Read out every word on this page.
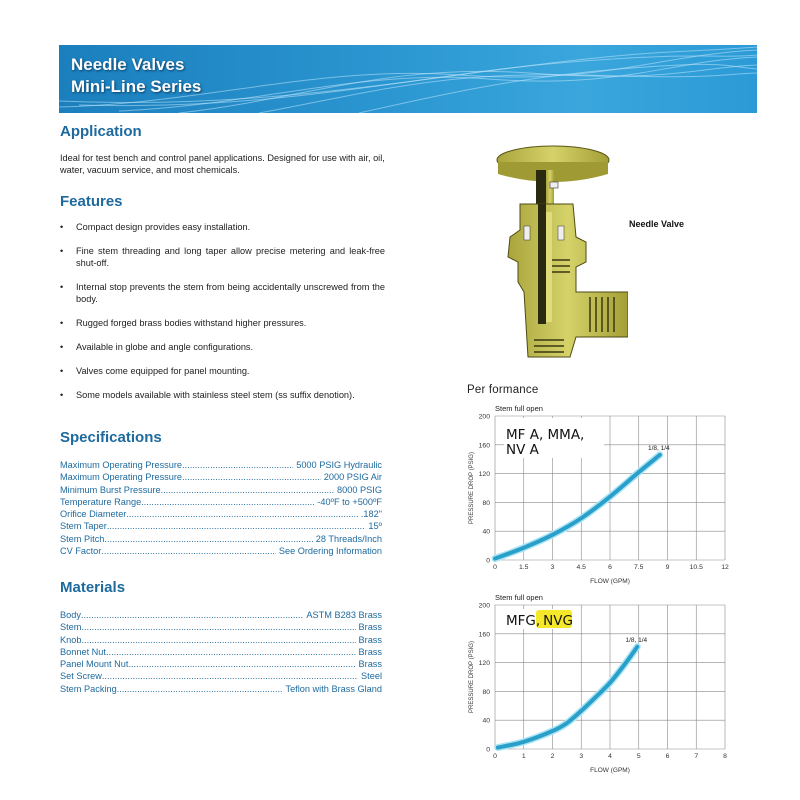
Needle Valves
Mini-Line Series
Application
Ideal for test bench and control panel applications. Designed for use with air, oil, water, vacuum service, and most chemicals.
Features
• Compact design provides easy installation.
• Fine stem threading and long taper allow precise metering and leak-free shut-off.
• Internal stop prevents the stem from being accidentally unscrewed from the body.
• Rugged forged brass bodies withstand higher pressures.
• Available in globe and angle configurations.
• Valves come equipped for panel mounting.
• Some models available with stainless steel stem (ss suffix denotion).
Specifications
Maximum Operating Pressure .....	5000 PSIG Hydraulic
Maximum Operating Pressure .....	2000 PSIG Air
Minimum Burst Pressure .....	8000 PSIG
Temperature Range .....	-40ºF to +500ºF
Orifice Diameter .....	.182"
Stem Taper .....	15º
Stem Pitch .....	28 Threads/Inch
CV Factor .....	See Ordering Information
Materials
Body .....	ASTM B283 Brass
Stem .....	Brass
Knob .....	Brass
Bonnet Nut .....	Brass
Panel Mount Nut .....	Brass
Set Screw .....	Steel
Stem Packing .....	Teflon with Brass Gland
Needle Valve
Per formance
Stem full open
0
40
80
120
160
200
0	1.5	3	4.5	6	7.5	9	10.5	12
MF A, MMA,
NV A	1/8, 1/4
FLOW (GPM)
PRESSURE DROP (PSIG)
Stem full open
0
40
80
120
160
200
0	1	2	3	4	5	6	7	8
MFG, NVG
1/8, 1/4
FLOW (GPM)
PRESSURE DROP (PSIG)
